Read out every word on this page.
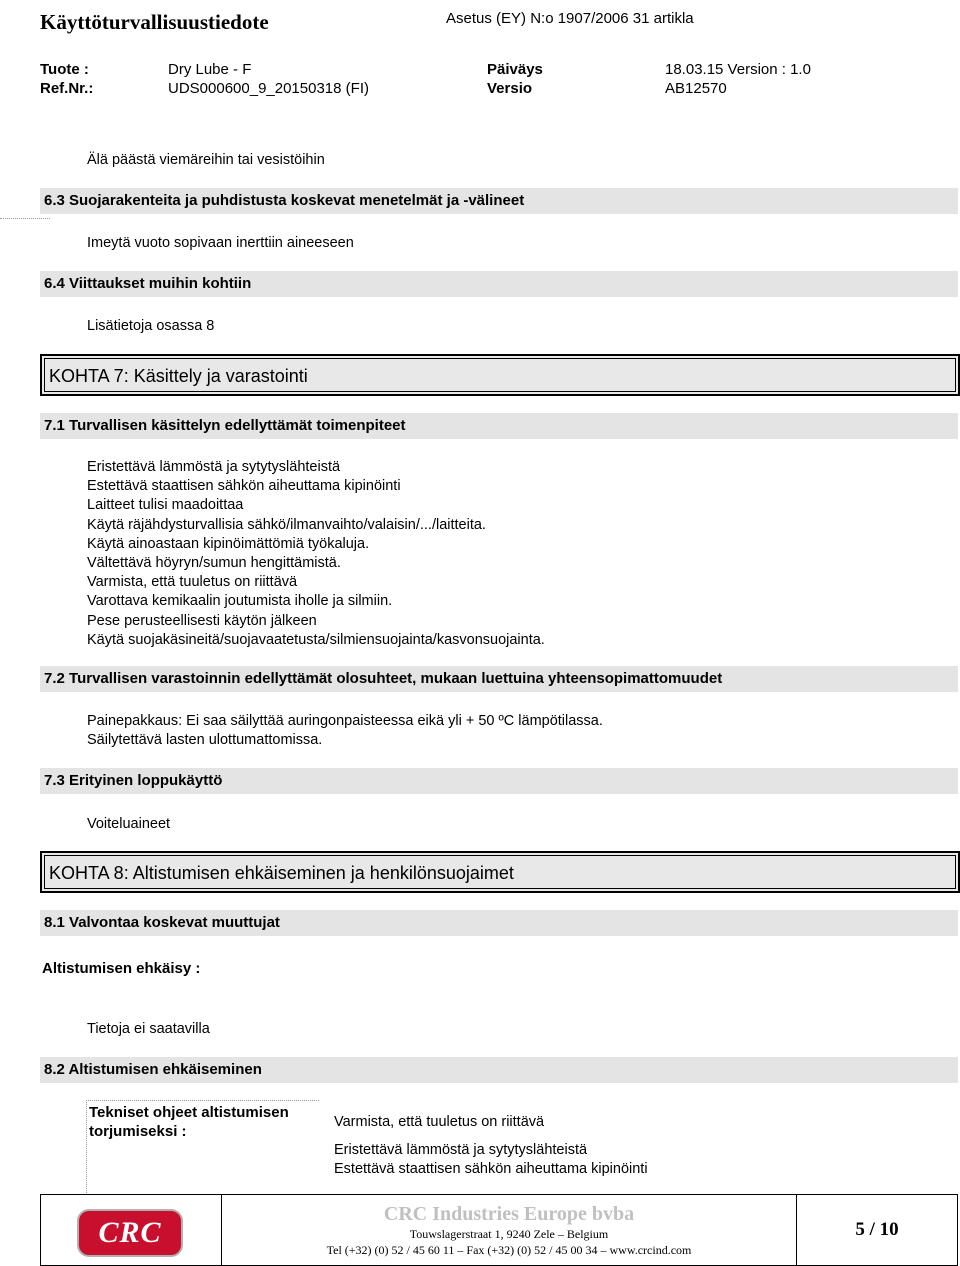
Käyttöturvallisuustiedote	Asetus (EY) N:o 1907/2006 31 artikla
Tuote :	Dry Lube - F	Päiväys	18.03.15 Version : 1.0
Ref.Nr.:	UDS000600_9_20150318 (FI)	Versio	AB12570
Älä päästä viemäreihin tai vesistöihin
6.3 Suojarakenteita ja puhdistusta koskevat menetelmät ja -välineet
Imeytä vuoto sopivaan inerttiin aineeseen
6.4 Viittaukset muihin kohtiin
Lisätietoja osassa 8
KOHTA 7: Käsittely ja varastointi
7.1 Turvallisen käsittelyn edellyttämät toimenpiteet
Eristettävä lämmöstä ja sytytyslähteistä
Estettävä staattisen sähkön aiheuttama kipinöinti
Laitteet tulisi maadoittaa
Käytä räjähdysturvallisia sähkö/ilmanvaihto/valaisin/.../laitteita.
Käytä ainoastaan kipinöimättömiä työkaluja.
Vältettävä höyryn/sumun hengittämistä.
Varmista, että tuuletus on riittävä
Varottava kemikaalin joutumista iholle ja silmiin.
Pese perusteellisesti käytön jälkeen
Käytä suojakäsineitä/suojavaatetusta/silmiensuojainta/kasvonsuojainta.
7.2 Turvallisen varastoinnin edellyttämät olosuhteet, mukaan luettuina yhteensopimattomuudet
Painepakkaus: Ei saa säilyttää auringonpaisteessa eikä yli + 50 ºC lämpötilassa.
Säilytettävä lasten ulottumattomissa.
7.3 Erityinen loppukäyttö
Voiteluaineet
KOHTA 8: Altistumisen ehkäiseminen ja henkilönsuojaimet
8.1 Valvontaa koskevat muuttujat
Altistumisen ehkäisy :
Tietoja ei saatavilla
8.2 Altistumisen ehkäiseminen
Tekniset ohjeet altistumisen
torjumiseksi :
Varmista, että tuuletus on riittävä
Eristettävä lämmöstä ja sytytyslähteistä
Estettävä staattisen sähkön aiheuttama kipinöinti
CRC
CRC Industries Europe bvba
Touwslagerstraat 1, 9240 Zele – Belgium
Tel (+32) (0) 52 / 45 60 11 – Fax (+32) (0) 52 / 45 00 34 – www.crcind.com
5 / 10
